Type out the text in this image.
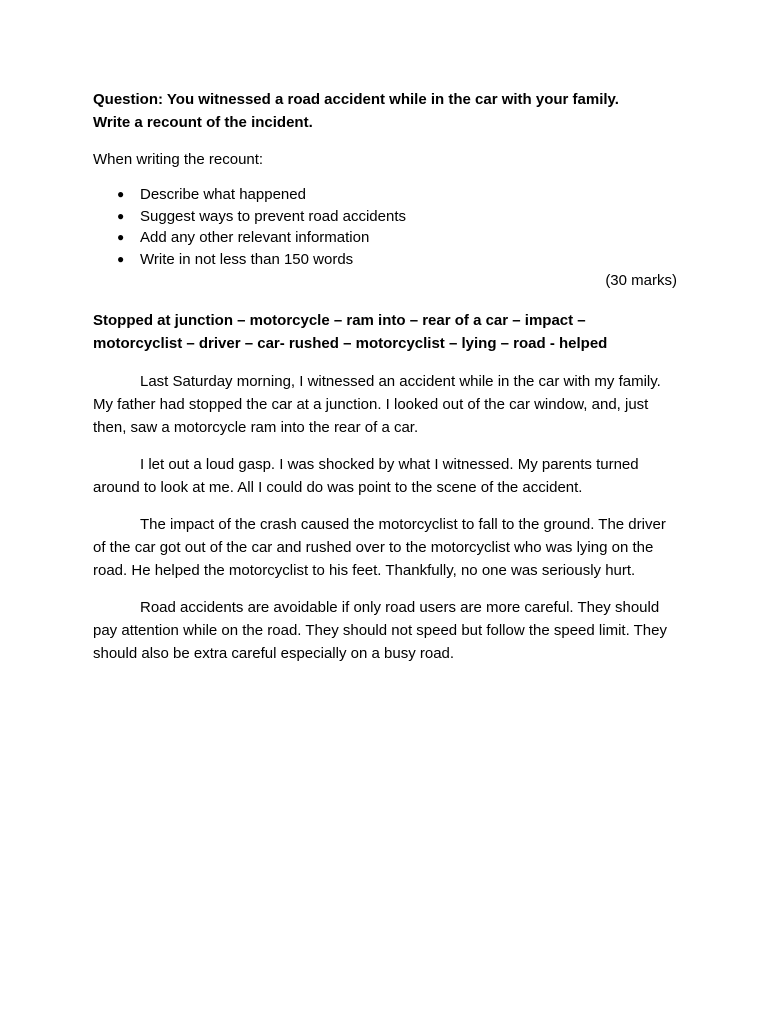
Question: You witnessed a road accident while in the car with your family.
Write a recount of the incident.

When writing the recount:

● Describe what happened
● Suggest ways to prevent road accidents
● Add any other relevant information
● Write in not less than 150 words

(30 marks)

Stopped at junction – motorcycle – ram into – rear of a car – impact –
motorcyclist – driver – car- rushed – motorcyclist – lying – road - helped

Last Saturday morning, I witnessed an accident while in the car with my family. My father had stopped the car at a junction. I looked out of the car window, and, just then, saw a motorcycle ram into the rear of a car.

I let out a loud gasp. I was shocked by what I witnessed. My parents turned around to look at me. All I could do was point to the scene of the accident.

The impact of the crash caused the motorcyclist to fall to the ground. The driver of the car got out of the car and rushed over to the motorcyclist who was lying on the road. He helped the motorcyclist to his feet. Thankfully, no one was seriously hurt.

Road accidents are avoidable if only road users are more careful. They should pay attention while on the road. They should not speed but follow the speed limit. They should also be extra careful especially on a busy road.
